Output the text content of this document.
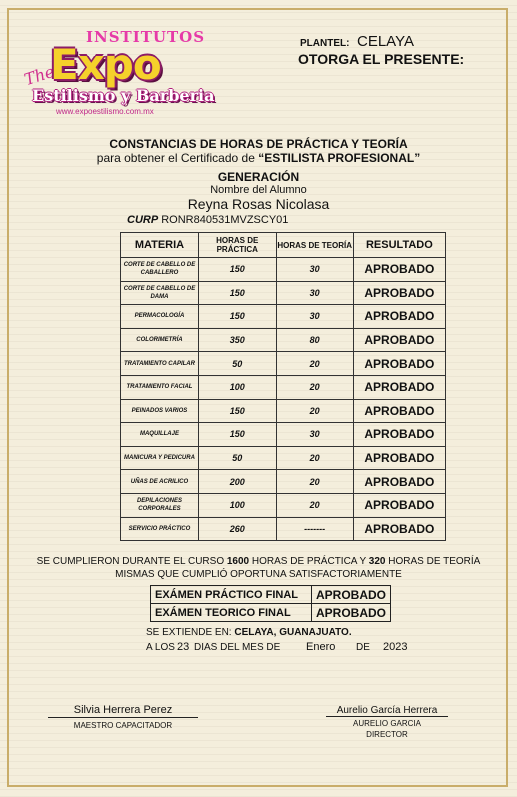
INSTITUTOS
The
Expo
Estilismo y Barberia
www.expoestilismo.com.mx
PLANTEL: CELAYA
OTORGA EL PRESENTE:
CONSTANCIAS DE HORAS DE PRÁCTICA Y TEORÍA
para obtener el Certificado de “ESTILISTA PROFESIONAL”
GENERACIÓN
Nombre del Alumno
Reyna Rosas Nicolasa
CURP RONR840531MVZSCY01
MATERIA	HORAS DE PRÁCTICA	HORAS DE TEORÍA	RESULTADO
CORTE DE CABELLO DE CABALLERO	150	30	APROBADO
CORTE DE CABELLO DE DAMA	150	30	APROBADO
PERMACOLOGÍA	150	30	APROBADO
COLORIMETRÍA	350	80	APROBADO
TRATAMIENTO CAPILAR	50	20	APROBADO
TRATAMIENTO FACIAL	100	20	APROBADO
PEINADOS VARIOS	150	20	APROBADO
MAQUILLAJE	150	30	APROBADO
MANICURA Y PEDICURA	50	20	APROBADO
UÑAS DE ACRILICO	200	20	APROBADO
DEPILACIONES CORPORALES	100	20	APROBADO
SERVICIO PRÁCTICO	260	-------	APROBADO
SE CUMPLIERON DURANTE EL CURSO 1600 HORAS DE PRÁCTICA Y 320 HORAS DE TEORÍA
MISMAS QUE CUMPLIÓ OPORTUNA SATISFACTORIAMENTE
EXÁMEN PRÁCTICO FINAL	APROBADO
EXÁMEN TEORICO FINAL	APROBADO
SE EXTIENDE EN: CELAYA, GUANAJUATO.
A LOS 23 DIAS DEL MES DE Enero DE 2023
Silvia Herrera Perez
MAESTRO CAPACITADOR
Aurelio García Herrera
AURELIO GARCIA
DIRECTOR
